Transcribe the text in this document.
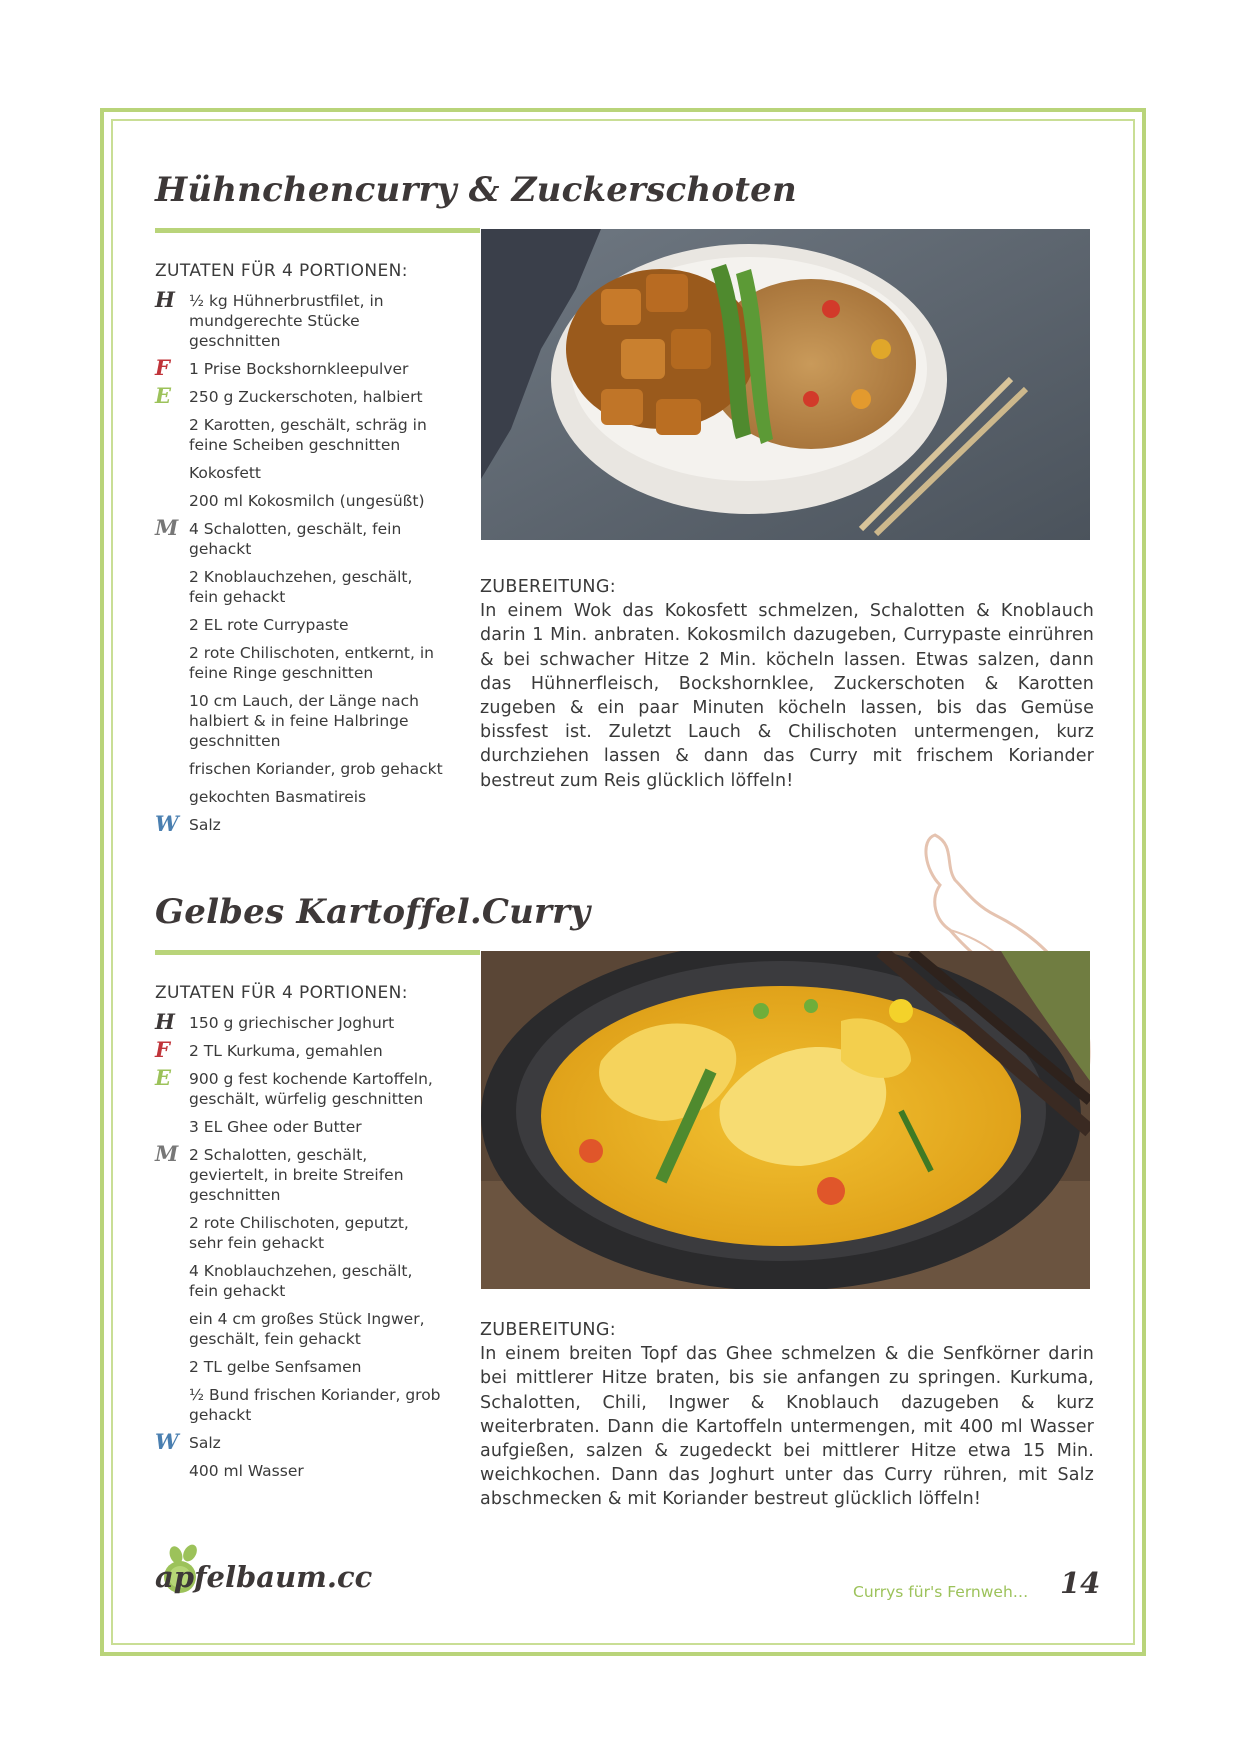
Hühnchencurry & Zuckerschoten
ZUTATEN FÜR 4 PORTIONEN:
H ½ kg Hühnerbrustfilet, in mundgerechte Stücke geschnitten
F	1 Prise Bockshornkleepulver
E	250 g Zuckerschoten, halbiert
2 Karotten, geschält, schräg in feine Scheiben geschnitten
Kokosfett
200 ml Kokosmilch (ungesüßt)
M 4 Schalotten, geschält, fein gehackt
2 Knoblauchzehen, geschält, fein gehackt
2 EL rote Currypaste
2 rote Chilischoten, entkernt, in feine Ringe geschnitten
10 cm Lauch, der Länge nach halbiert & in feine Halbringe geschnitten
frischen Koriander, grob gehackt
gekochten Basmatireis
W Salz
ZUBEREITUNG:
In einem Wok das Kokosfett schmelzen, Schalotten & Knoblauch darin 1 Min. anbraten. Kokosmilch dazugeben, Currypaste einrühren & bei schwacher Hitze 2 Min. köcheln lassen. Etwas salzen, dann das Hühnerfleisch, Bockshornklee, Zuckerschoten & Karotten zugeben & ein paar Minuten köcheln lassen, bis das Gemüse bissfest ist. Zuletzt Lauch & Chilischoten untermengen, kurz durchziehen lassen & dann das Curry mit frischem Koriander bestreut zum Reis glücklich löffeln!
Gelbes Kartoffel.Curry
ZUTATEN FÜR 4 PORTIONEN:
H 150 g griechischer Joghurt
F	2 TL Kurkuma, gemahlen
E	900 g fest kochende Kartoffeln, geschält, würfelig geschnitten
3 EL Ghee oder Butter
M 2 Schalotten, geschält, geviertelt, in breite Streifen geschnitten
2 rote Chilischoten, geputzt, sehr fein gehackt
4 Knoblauchzehen, geschält, fein gehackt
ein 4 cm großes Stück Ingwer, geschält, fein gehackt
2 TL gelbe Senfsamen
½ Bund frischen Koriander, grob gehackt
W Salz
400 ml Wasser
ZUBEREITUNG:
In einem breiten Topf das Ghee schmelzen & die Senfkörner darin bei mittlerer Hitze braten, bis sie anfangen zu springen. Kurkuma, Schalotten, Chili, Ingwer & Knoblauch dazugeben & kurz weiterbraten. Dann die Kartoffeln untermengen, mit 400 ml Wasser aufgießen, salzen & zugedeckt bei mittlerer Hitze etwa 15 Min. weichkochen. Dann das Joghurt unter das Curry rühren, mit Salz abschmecken & mit Koriander bestreut glücklich löffeln!
apfelbaum.cc	Currys für's Fernweh… 14
